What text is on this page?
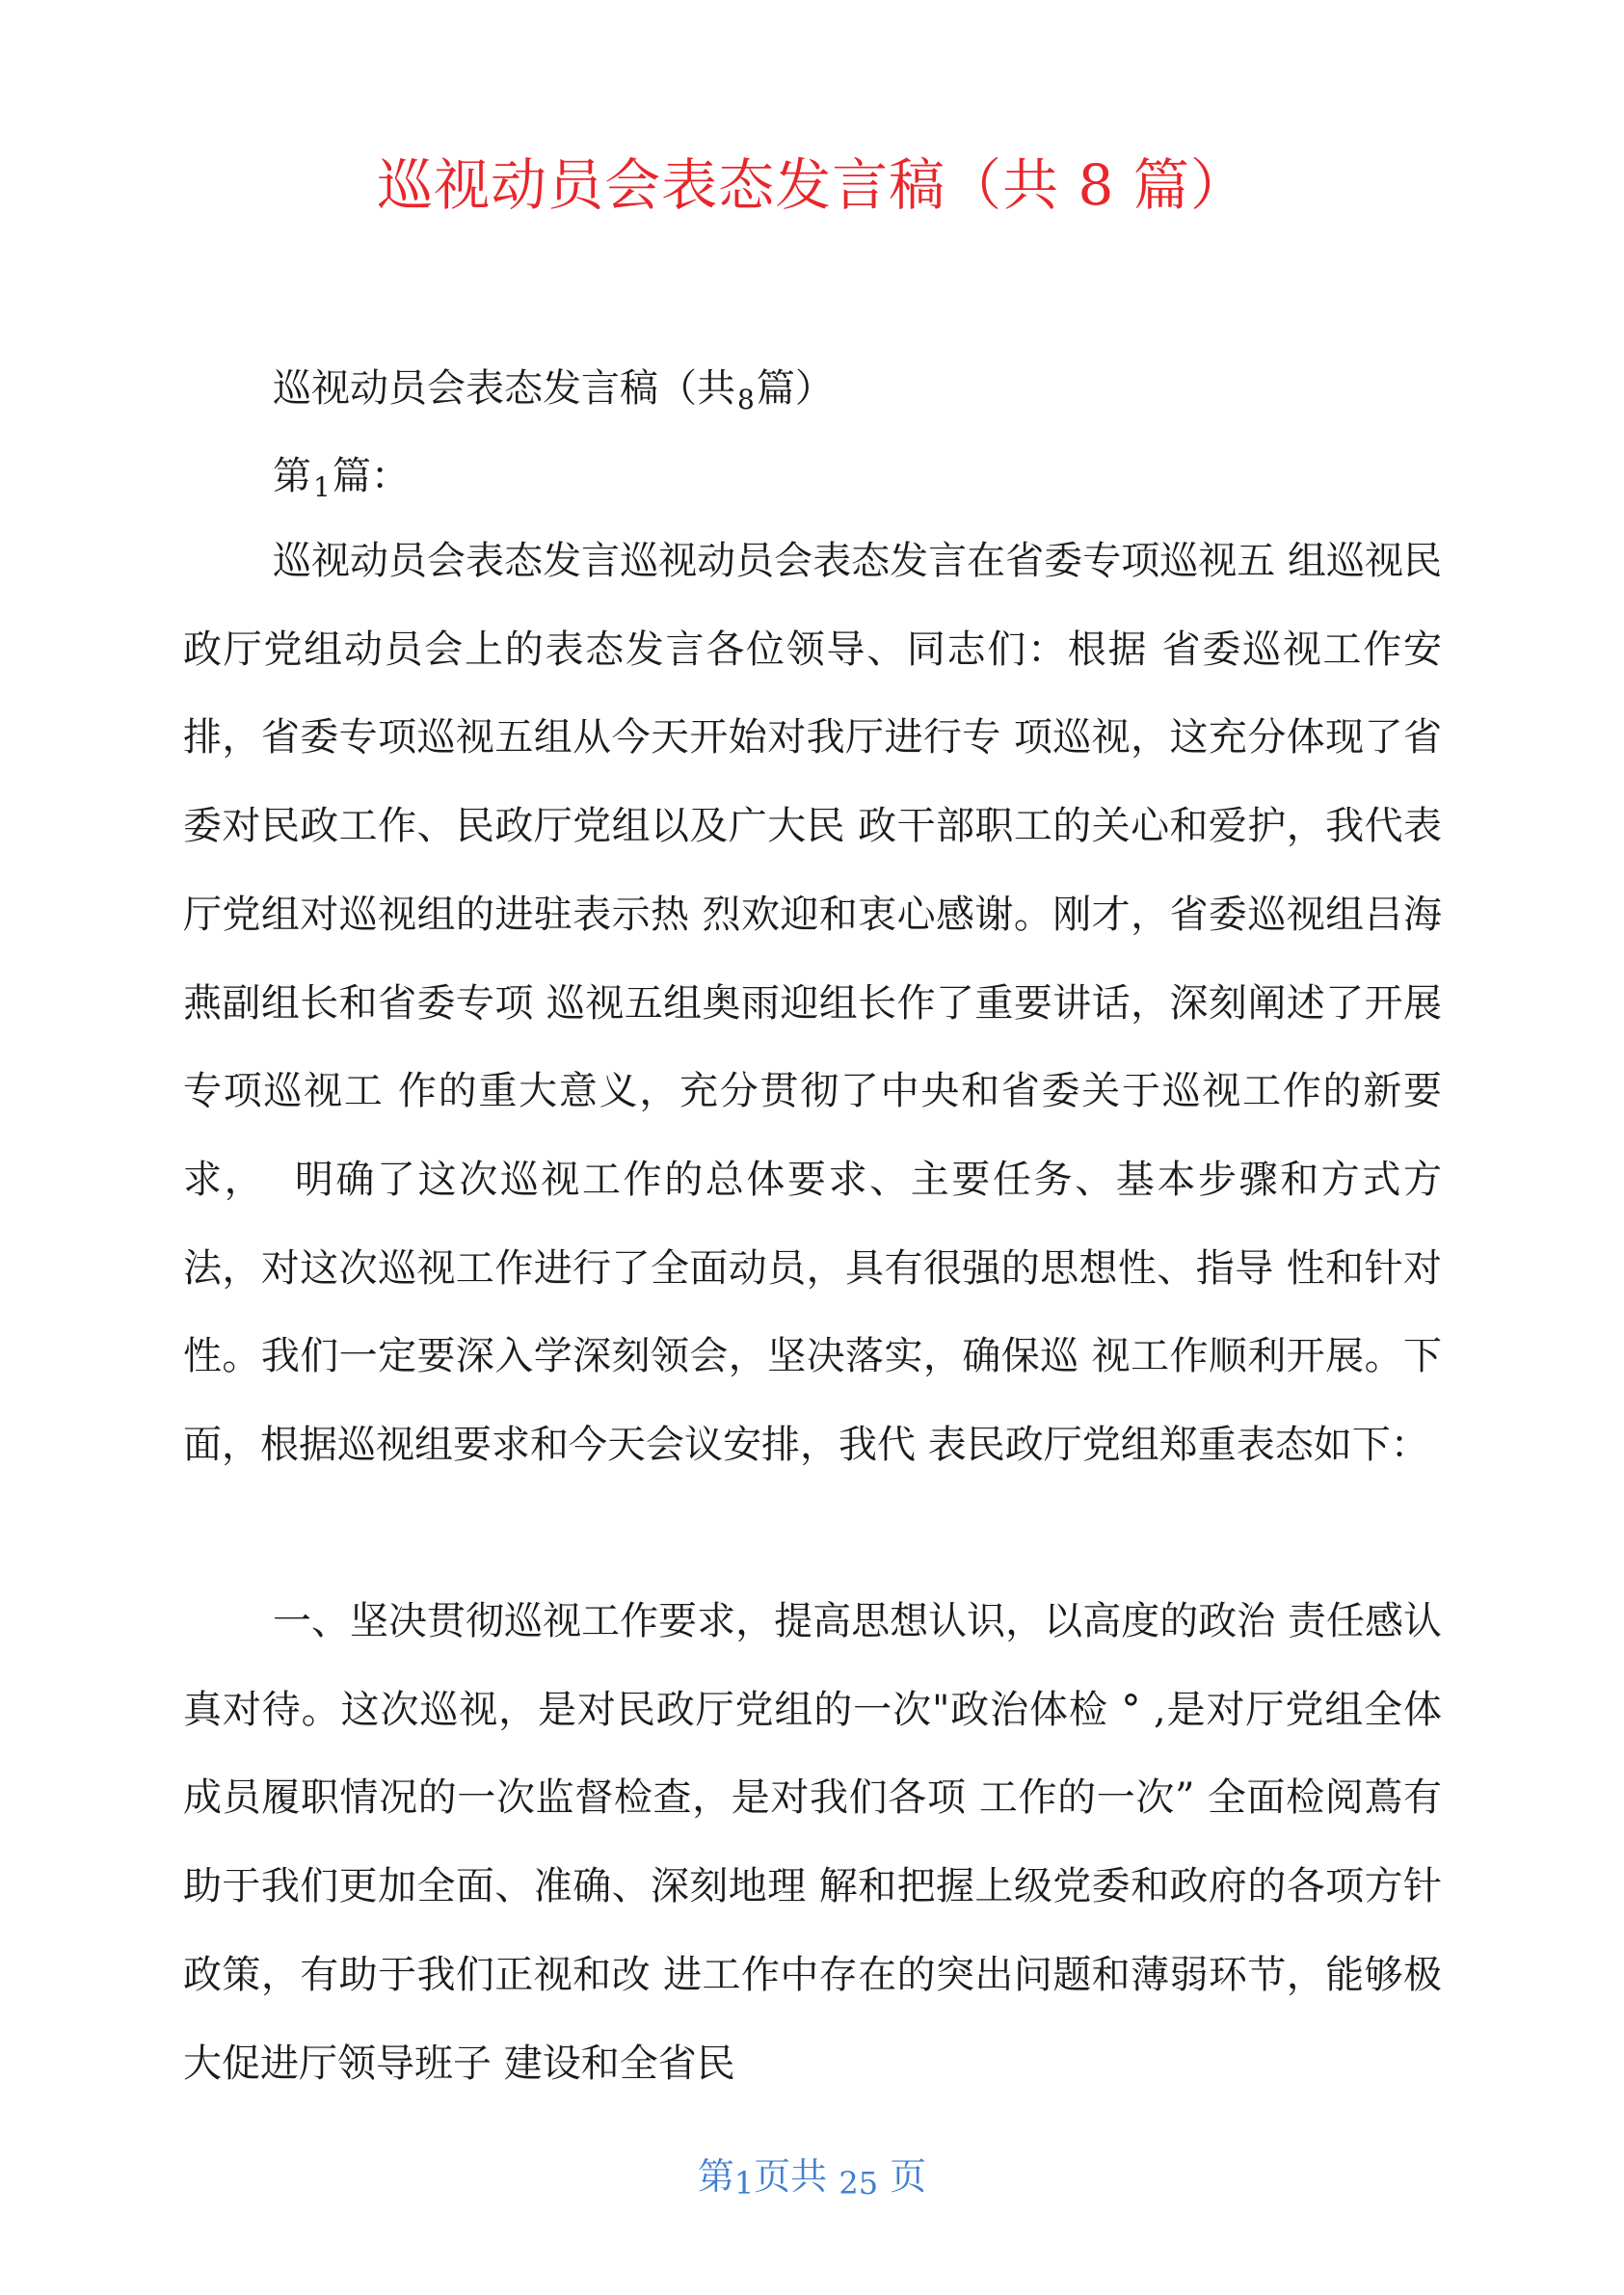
巡视动员会表态发言稿（共 8 篇）
巡视动员会表态发言稿（共$_8$篇）
第$_1$篇：

巡视动员会表态发言巡视动员会表态发言在省委专项巡视五 组巡视民政厅党组动员会上的表态发言各位领导、同志们：根据 省委巡视工作安排，省委专项巡视五组从今天开始对我厅进行专 项巡视，这充分体现了省委对民政工作、民政厅党组以及广大民 政干部职工的关心和爱护，我代表厅党组对巡视组的进驻表示热 烈欢迎和衷心感谢。刚才，省委巡视组吕海燕副组长和省委专项 巡视五组奥雨迎组长作了重要讲话，深刻阐述了开展专项巡视工 作的重大意义，充分贯彻了中央和省委关于巡视工作的新要求，  明确了这次巡视工作的总体要求、主要任务、基本步骤和方式方 法，对这次巡视工作进行了全面动员，具有很强的思想性、指导 性和针对性。我们一定要深入学深刻领会，坚决落实，确保巡 视工作顺利开展。下面，根据巡视组要求和今天会议安排，我代 表民政厅党组郑重表态如下：

一、坚决贯彻巡视工作要求，提高思想认识，以高度的政治 责任感认真对待。这次巡视，是对民政厅党组的一次"政治体检 ° ,是对厅党组全体成员履职情况的一次监督检查，是对我们各项 工作的一次” 全面检阅蔦有助于我们更加全面、准确、深刻地理 解和把握上级党委和政府的各项方针政策，有助于我们正视和改 进工作中存在的突出问题和薄弱环节，能够极大促进厅领导班子 建设和全省民

第1页共 25 页
